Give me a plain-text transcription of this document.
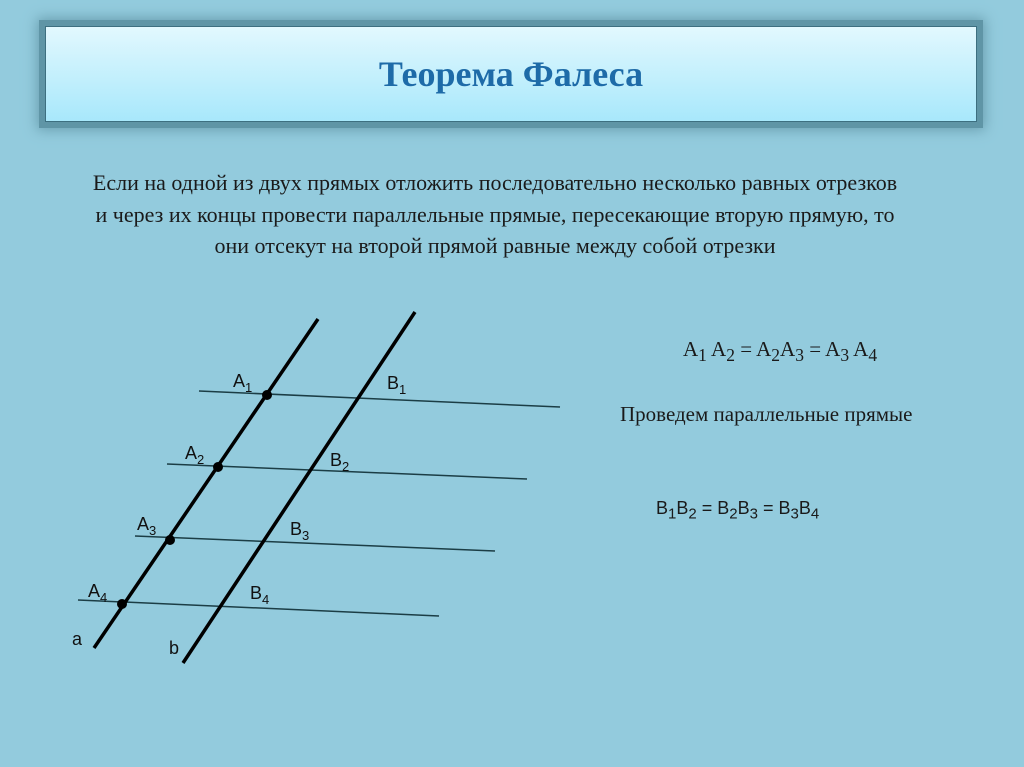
Теорема Фалеса
Если на одной из двух прямых отложить последовательно несколько равных отрезков и через их концы провести параллельные прямые, пересекающие вторую прямую, то они отсекут на второй прямой равные между собой отрезки
$A_1$ $A_2 = A_2A_3 = A_3$ $A_4$
Проведем параллельные прямые
$B_1B_2 = B_2B_3 = B_3B_4$
$A_1$
$A_2$
$A_3$
$A_4$
$B_1$
$B_2$
$B_3$
$B_4$
a	b
